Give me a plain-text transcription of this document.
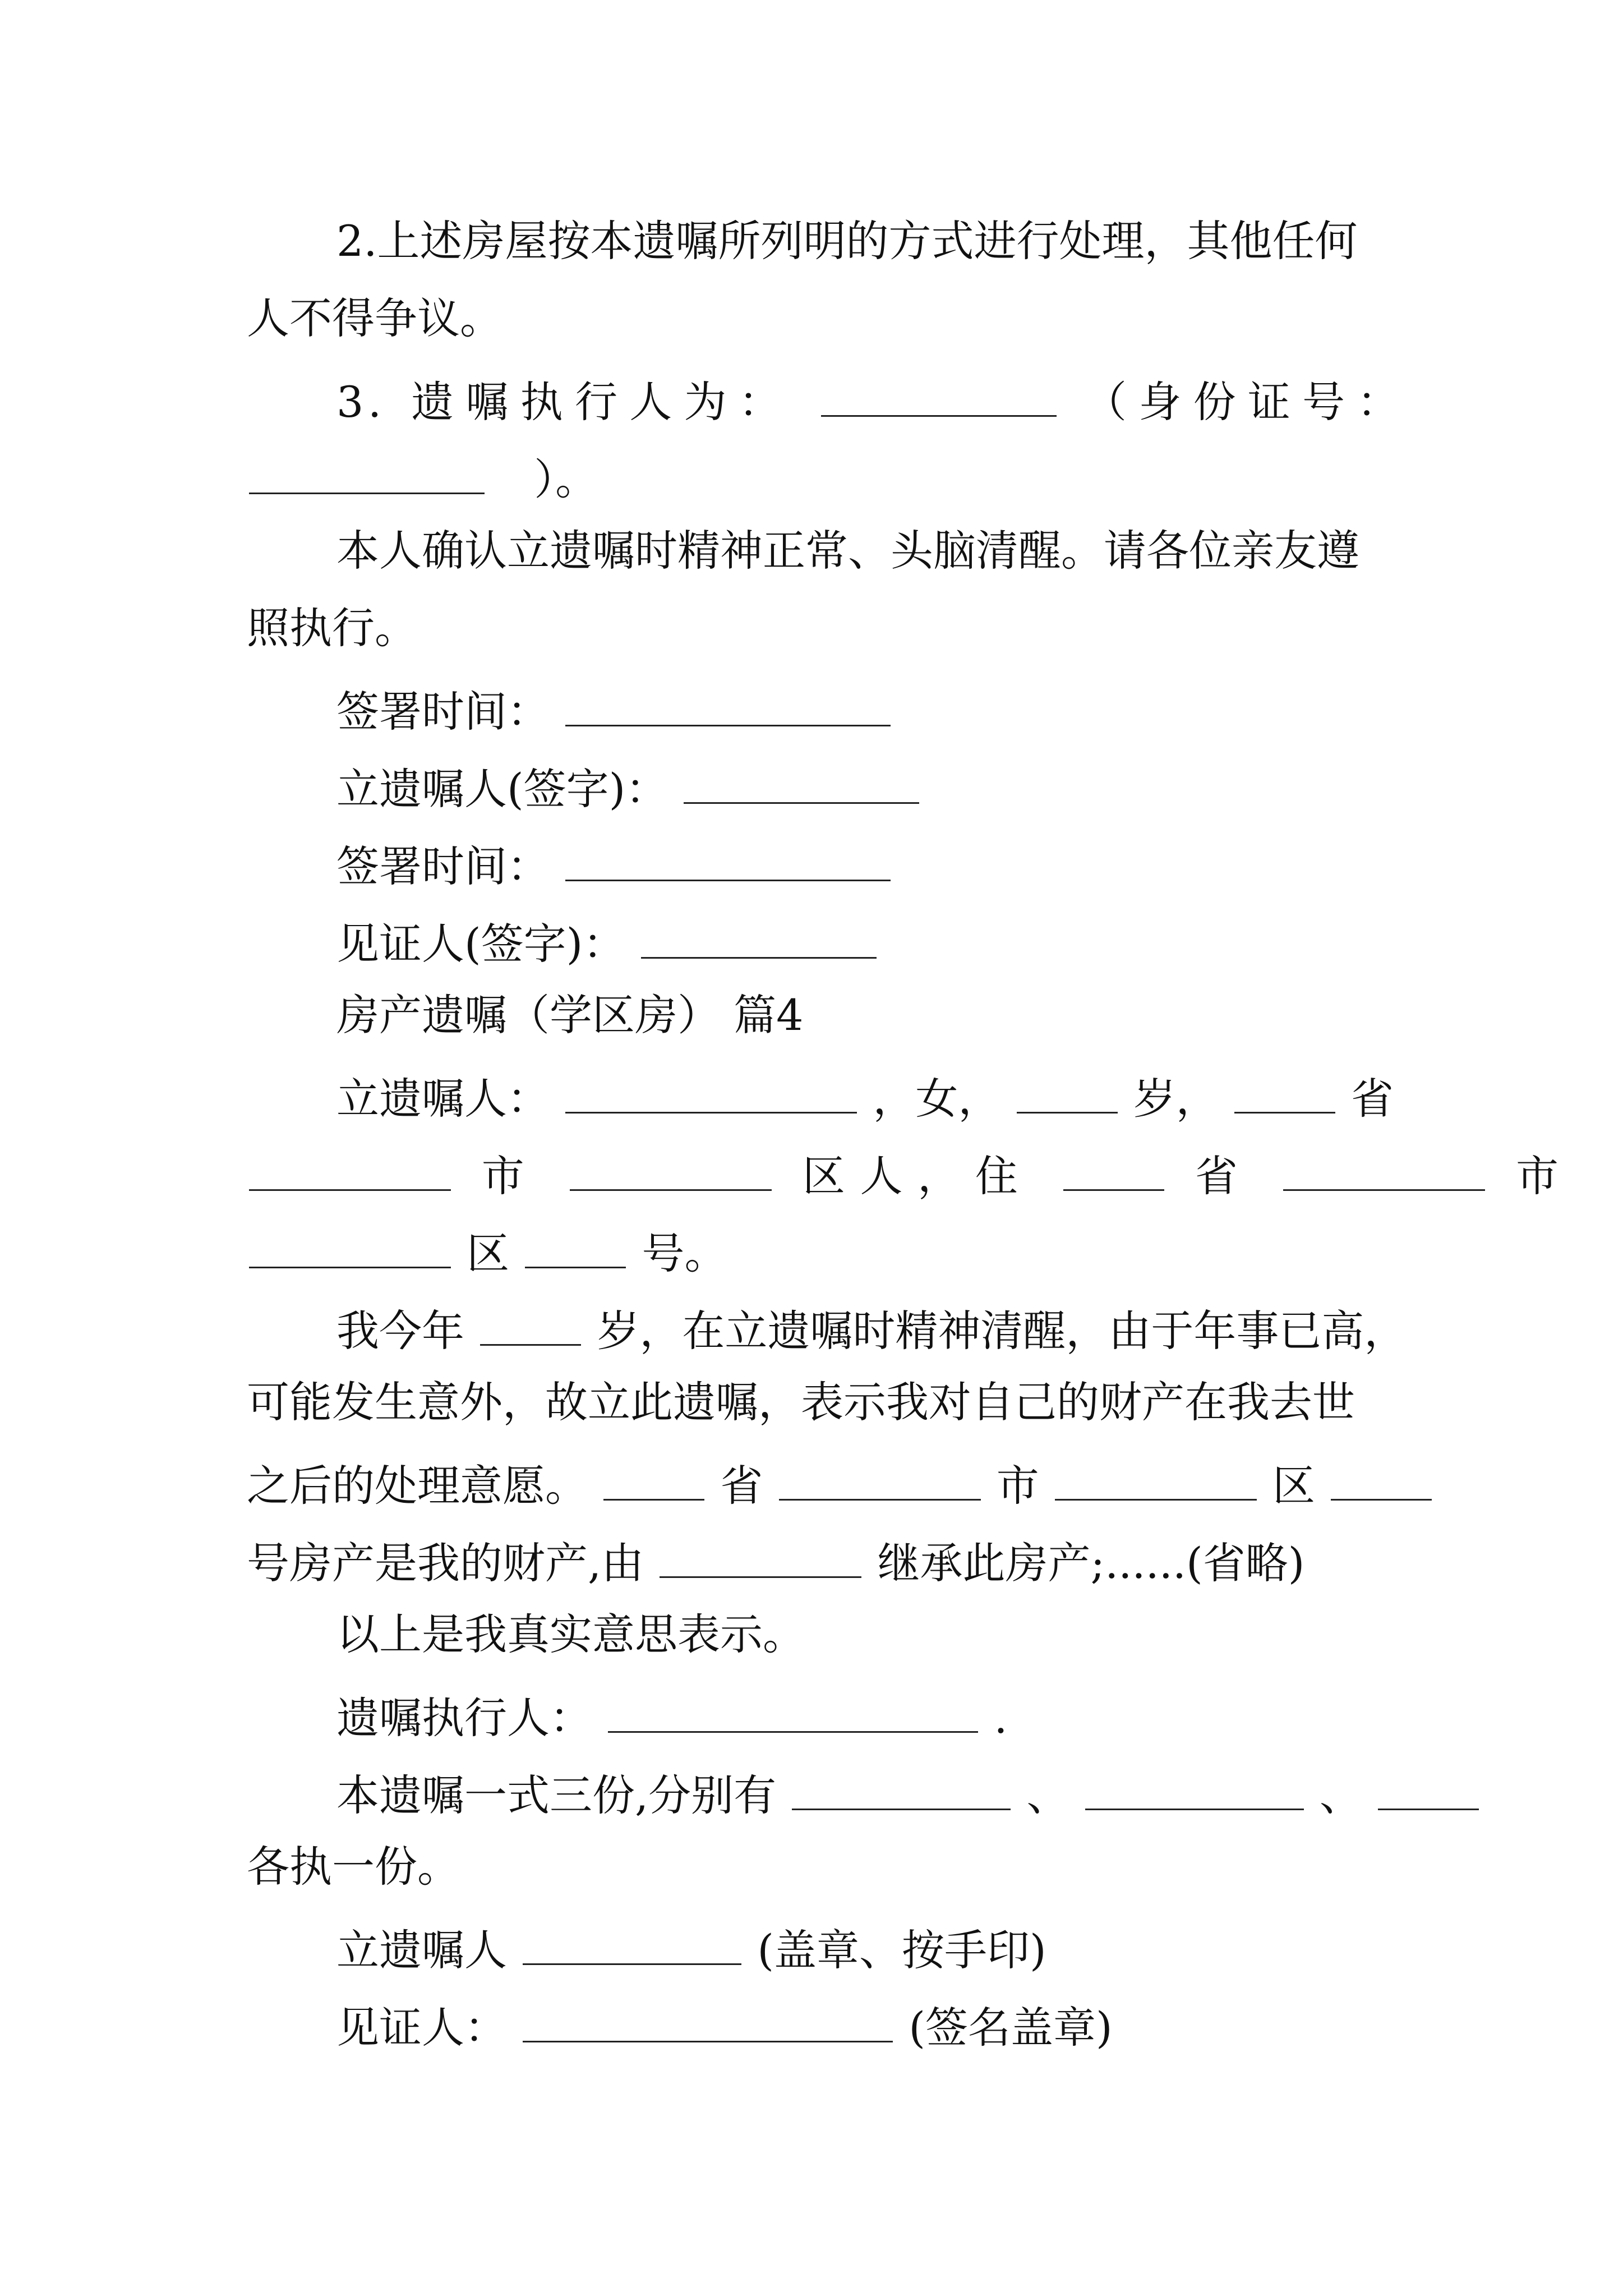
2.上述房屋按本遗嘱所列明的方式进行处理，其他任何
人不得争议。
3. 遗嘱执行人为：	（身份证号：
）。
本人确认立遗嘱时精神正常、头脑清醒。请各位亲友遵
照执行。
签署时间：
立遗嘱人(签字)：
签署时间：
见证人(签字)：
房产遗嘱（学区房） 篇4
立遗嘱人：	，女，	岁，	省
市	区人，住	省	市
区	号。
我今年	岁，在立遗嘱时精神清醒，由于年事已高，
可能发生意外，故立此遗嘱，表示我对自己的财产在我去世
之后的处理意愿。	省	市	区
号房产是我的财产,由	继承此房产;......(省略)
以上是我真实意思表示。
遗嘱执行人：	.
本遗嘱一式三份,分别有	、	、
各执一份。
立遗嘱人	(盖章、按手印)
见证人：	(签名盖章)
